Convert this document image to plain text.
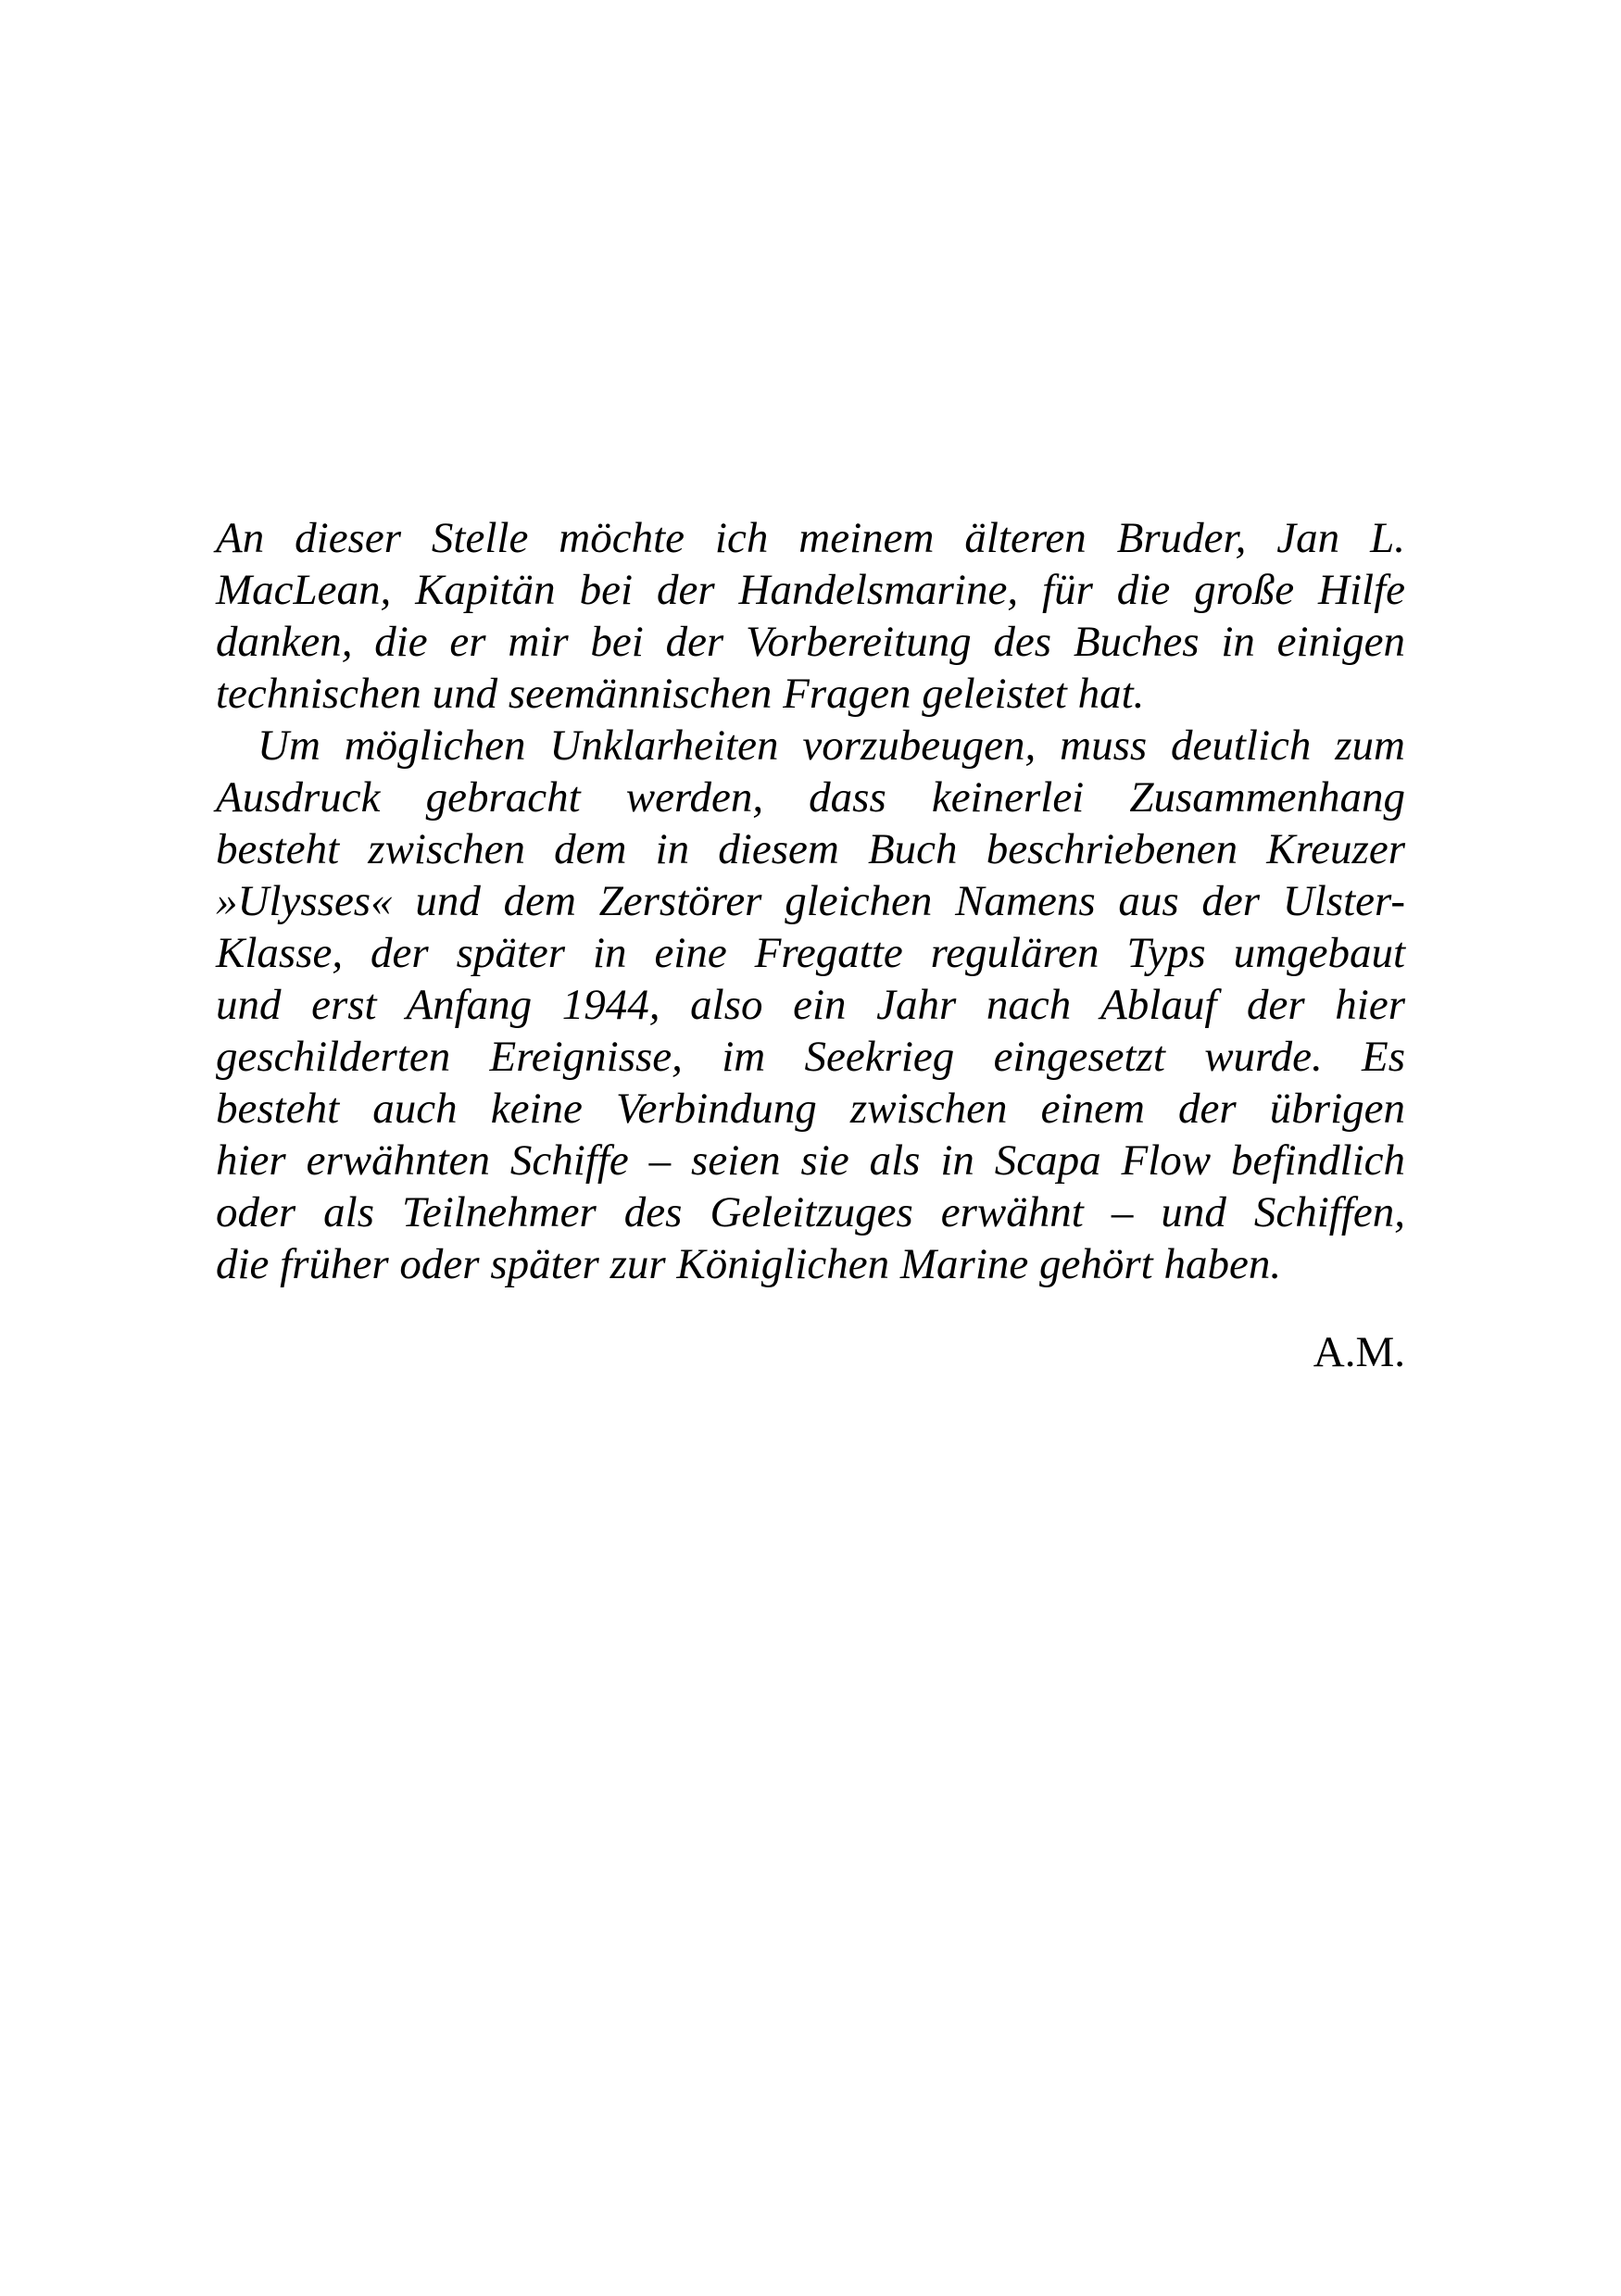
An dieser Stelle möchte ich meinem älteren Bruder, Jan L.
MacLean, Kapitän bei der Handelsmarine, für die große Hilfe
danken, die er mir bei der Vorbereitung des Buches in einigen
technischen und seemännischen Fragen geleistet hat.
Um möglichen Unklarheiten vorzubeugen, muss deutlich zum
Ausdruck gebracht werden, dass keinerlei Zusammenhang
besteht zwischen dem in diesem Buch beschriebenen Kreuzer
»Ulysses« und dem Zerstörer gleichen Namens aus der Ulster-
Klasse, der später in eine Fregatte regulären Typs umgebaut
und erst Anfang 1944, also ein Jahr nach Ablauf der hier
geschilderten Ereignisse, im Seekrieg eingesetzt wurde. Es
besteht auch keine Verbindung zwischen einem der übrigen
hier erwähnten Schiffe – seien sie als in Scapa Flow befindlich
oder als Teilnehmer des Geleitzuges erwähnt – und Schiffen,
die früher oder später zur Königlichen Marine gehört haben.
A.M.
